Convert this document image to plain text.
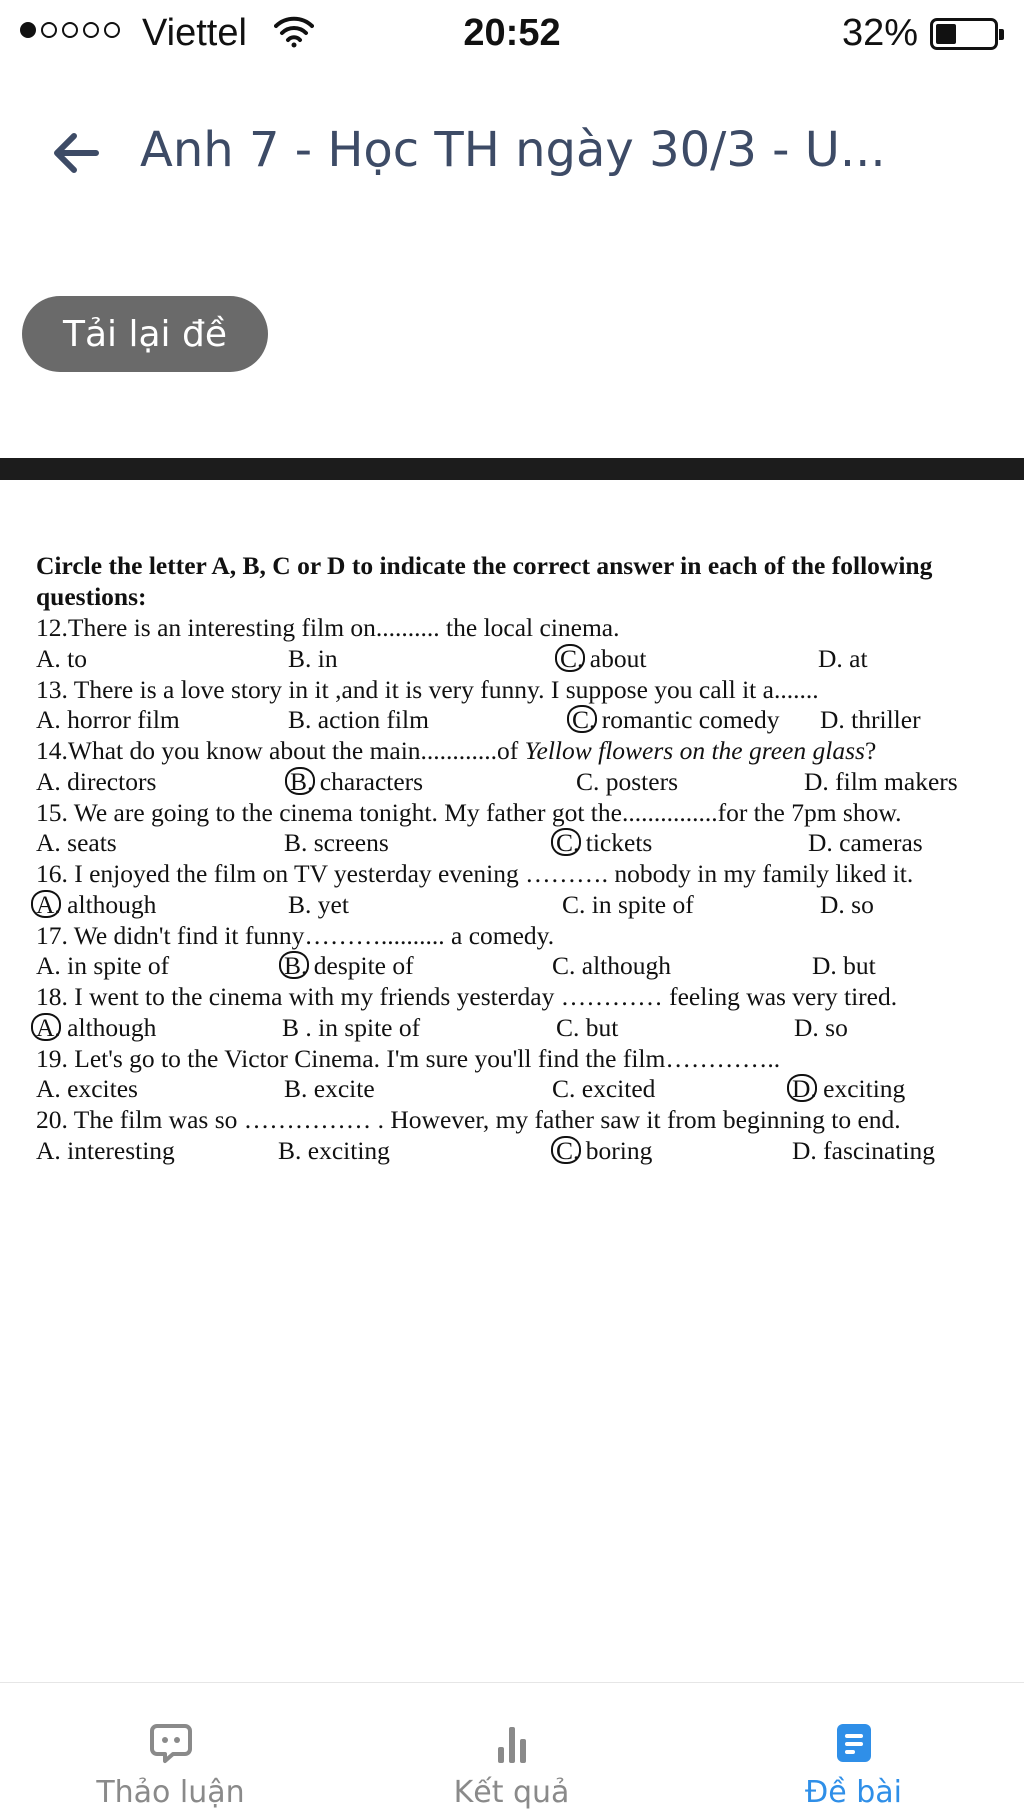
Viettel	20:52	32%
Anh 7 - Học TH ngày 30/3 - U...
Tải lại đề
Circle the letter A, B, C or D to indicate the correct answer in each of the following questions:
12.There is an interesting film on.......... the local cinema.
A. to	B. in	C. about	D. at
13. There is a love story in it ,and it is very funny. I suppose you call it a.......
A. horror film	B. action film	C. romantic comedy D. thriller
14.What do you know about the main............of Yellow flowers on the green glass?
A. directors	B. characters	C. posters	D. film makers
15. We are going to the cinema tonight. My father got the...............for the 7pm show.
A. seats	B. screens	C. tickets	D. cameras
16. I enjoyed the film on TV yesterday evening ………. nobody in my family liked it.
A. although	B. yet	C. in spite of	D. so
17. We didn't find it funny……….......... a comedy.
A. in spite of	B. despite of	C. although	D. but
18. I went to the cinema with my friends yesterday ………… feeling was very tired.
A. although	B . in spite of	C. but	D. so
19. Let's go to the Victor Cinema. I'm sure you'll find the film…………..
A. excites	B. excite	C. excited	D. exciting
20. The film was so …………… . However, my father saw it from beginning to end.
A. interesting	B. exciting	C. boring	D. fascinating
Thảo luận	Kết quả	Đề bài
